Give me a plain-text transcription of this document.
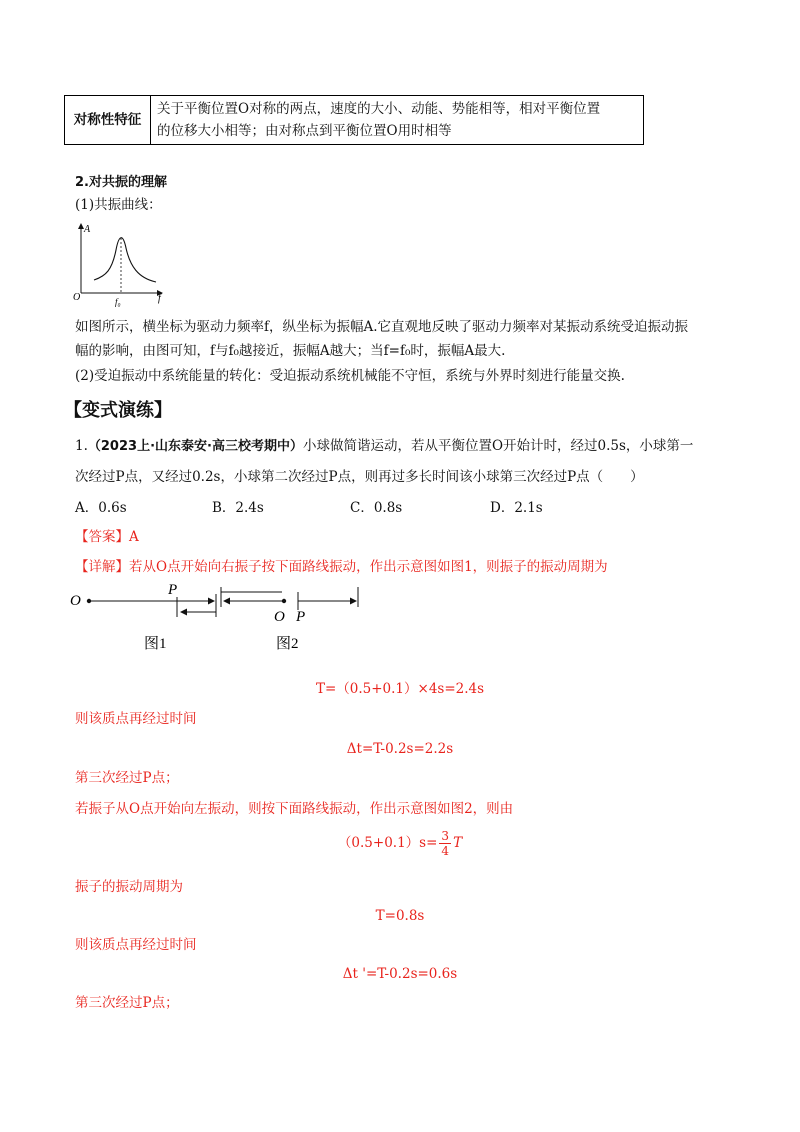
对称性特征	
关于平衡位置O对称的两点，速度的大小、动能、势能相等，相对平衡位置
的位移大小相等；由对称点到平衡位置O用时相等
2.对共振的理解
(1)共振曲线：
A
O	f
f₀
如图所示，横坐标为驱动力频率f，纵坐标为振幅A.它直观地反映了驱动力频率对某振动系统受迫振动振
幅的影响，由图可知，f与f₀越接近，振幅A越大；当f=f₀时，振幅A最大.
(2)受迫振动中系统能量的转化：受迫振动系统机械能不守恒，系统与外界时刻进行能量交换.
【变式演练】
1.（2023上·山东泰安·高三校考期中）小球做简谐运动，若从平衡位置O开始计时，经过0.5s，小球第一
次经过P点，又经过0.2s，小球第二次经过P点，则再过多长时间该小球第三次经过P点（　　）
A．0.6s	B．2.4s	C．0.8s	D．2.1s
【答案】A
【详解】若从O点开始向右振子按下面路线振动，作出示意图如图1，则振子的振动周期为
O
P
O P
图1	图2
T=（0.5+0.1）×4s=2.4s
则该质点再经过时间
Δt=T-0.2s=2.2s
第三次经过P点；
若振子从O点开始向左振动，则按下面路线振动，作出示意图如图2，则由
$(0.5+0.1)s= \frac{3}{4}$ T
振子的振动周期为
T=0.8s
则该质点再经过时间
Δt '=T-0.2s=0.6s
第三次经过P点；
